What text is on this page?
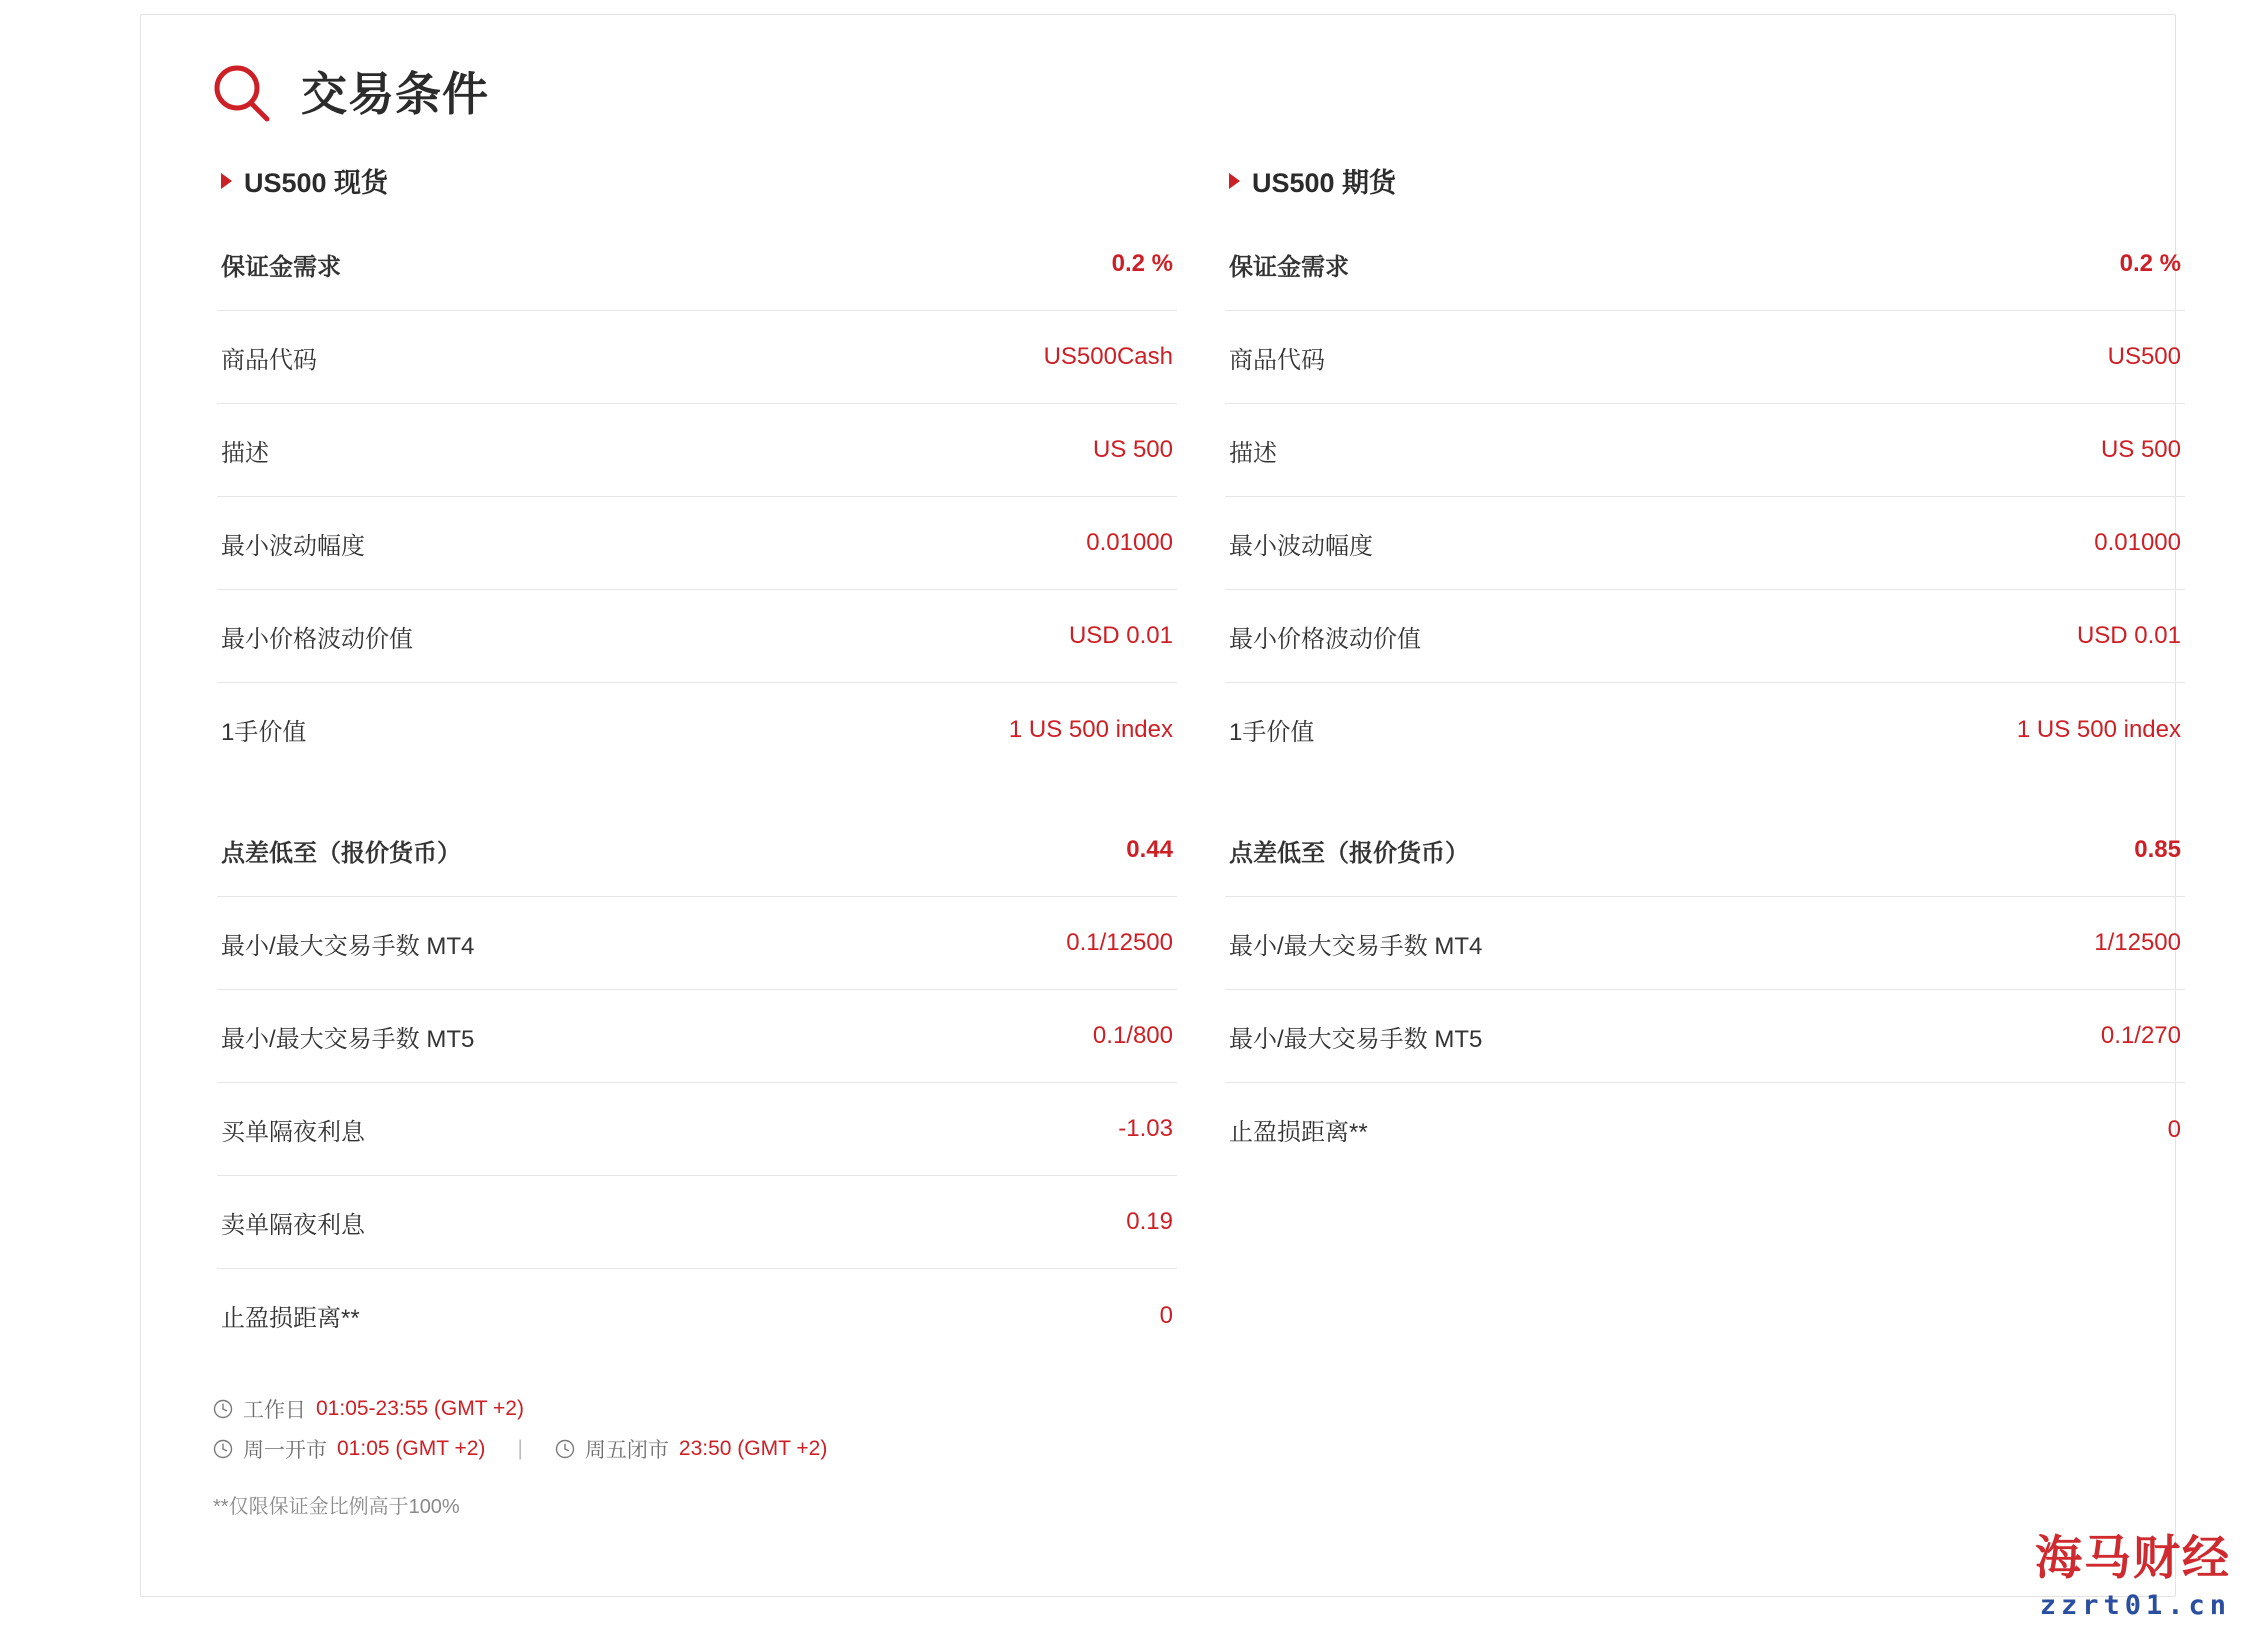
交易条件
US500 现货
保证金需求	0.2 %
商品代码	US500Cash
描述	US 500
最小波动幅度	0.01000
最小价格波动价值	USD 0.01
1手价值	1 US 500 index
点差低至（报价货币）	0.44
最小/最大交易手数 MT4	0.1/12500
最小/最大交易手数 MT5	0.1/800
买单隔夜利息	-1.03
卖单隔夜利息	0.19
止盈损距离**	0
US500 期货
保证金需求	0.2 %
商品代码	US500
描述	US 500
最小波动幅度	0.01000
最小价格波动价值	USD 0.01
1手价值	1 US 500 index
点差低至（报价货币）	0.85
最小/最大交易手数 MT4	1/12500
最小/最大交易手数 MT5	0.1/270
止盈损距离**	0
工作日 01:05-23:55 (GMT +2)
周一开市 01:05 (GMT +2) |	周五闭市 23:50 (GMT +2)
**仅限保证金比例高于100%
海马财经
zzrt01.cn
